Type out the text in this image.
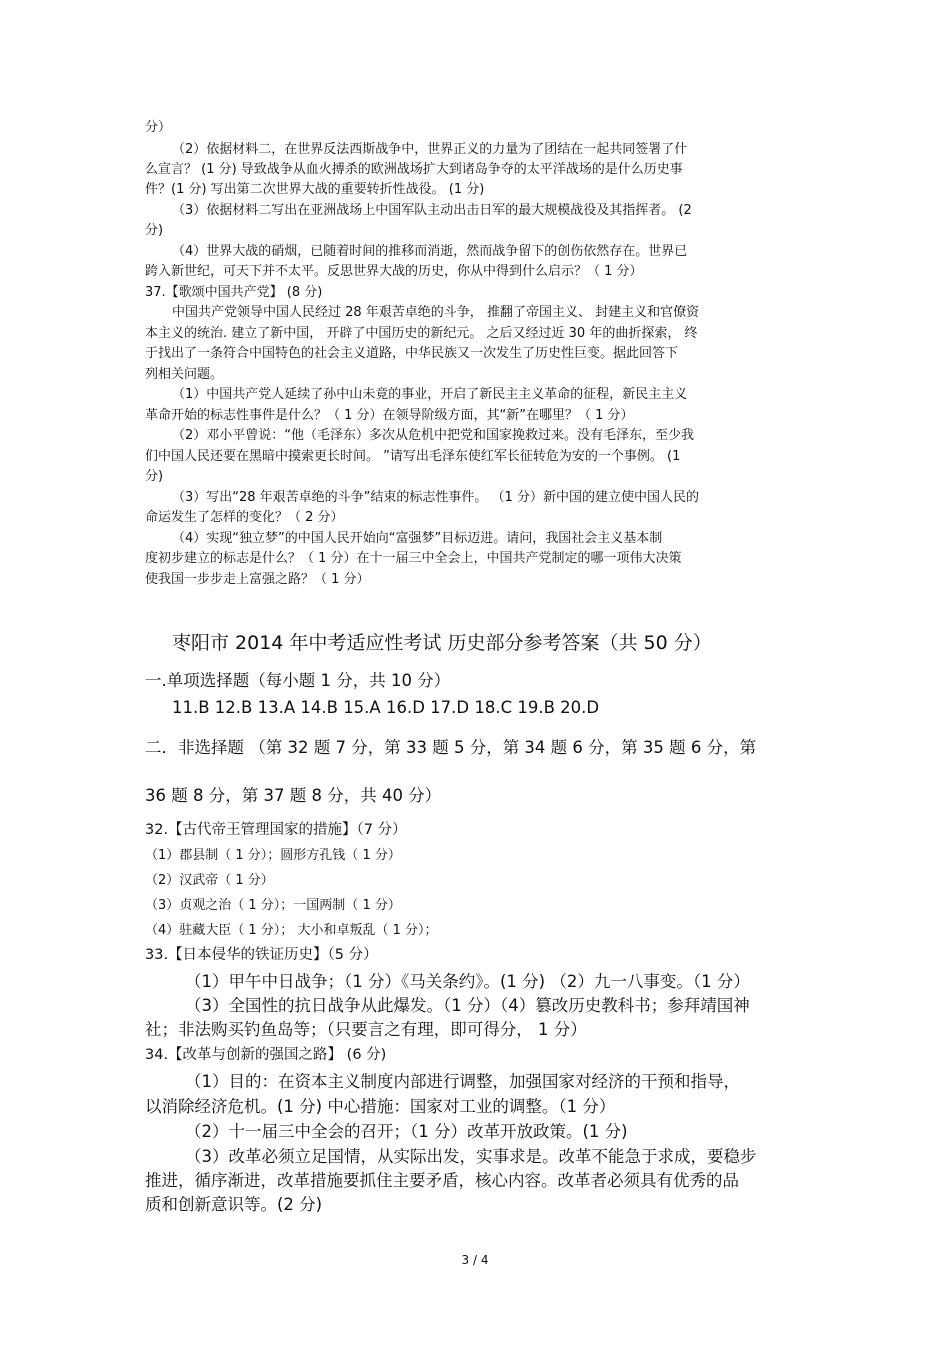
分）

（2）依据材料二，在世界反法西斯战争中，世界正义的力量为了团结在一起共同签署了什

么宣言？ (1 分) 导致战争从血火搏杀的欧洲战场扩大到诸岛争夺的太平洋战场的是什么历史事

件？(1 分) 写出第二次世界大战的重要转折性战役。 (1 分)

（3）依据材料二写出在亚洲战场上中国军队主动出击日军的最大规模战役及其指挥者。 (2

分)

（4）世界大战的硝烟，已随着时间的推移而消逝，然而战争留下的创伤依然存在。世界已

跨入新世纪，可天下并不太平。反思世界大战的历史，你从中得到什么启示？（ 1 分）

37.【歌颂中国共产党】 (8 分)

中国共产党领导中国人民经过 28 年艰苦卓绝的斗争， 推翻了帝国主义、 封建主义和官僚资

本主义的统治. 建立了新中国， 开辟了中国历史的新纪元。 之后又经过近 30 年的曲折探索， 终

于找出了一条符合中国特色的社会主义道路，中华民族又一次发生了历史性巨变。据此回答下

列相关问题。

（1）中国共产党人延续了孙中山未竟的事业，开启了新民主主义革命的征程，新民主主义

革命开始的标志性事件是什么？（ 1 分）在领导阶级方面，其“新”在哪里？（ 1 分）

（2）邓小平曾说：“他（毛泽东）多次从危机中把党和国家挽救过来。没有毛泽东，至少我

们中国人民还要在黑暗中摸索更长时间。 ”请写出毛泽东使红军长征转危为安的一个事例。 (1

分)

（3）写出“28 年艰苦卓绝的斗争”结束的标志性事件。 （1 分）新中国的建立使中国人民的

命运发生了怎样的变化？（ 2 分）

（4）实现“独立梦”的中国人民开始向“富强梦”目标迈进。请问，我国社会主义基本制

度初步建立的标志是什么？（ 1 分）在十一届三中全会上，中国共产党制定的哪一项伟大决策

使我国一步步走上富强之路？（ 1 分）

枣阳市 2014 年中考适应性考试 历史部分参考答案（共 50 分）

一.单项选择题（每小题 1 分，共 10 分）

11.B 12.B 13.A 14.B 15.A 16.D 17.D 18.C 19.B 20.D

二．非选择题 （第 32 题 7 分，第 33 题 5 分，第 34 题 6 分，第 35 题 6 分，第

36 题 8 分，第 37 题 8 分，共 40 分）

32.【古代帝王管理国家的措施】（7 分）

（1）郡县制（ 1 分）；圆形方孔钱（ 1 分）

（2）汉武帝（ 1 分）

（3）贞观之治（ 1 分）；一国两制（ 1 分）

（4）驻藏大臣（ 1 分）； 大小和卓叛乱（ 1 分）；

33.【日本侵华的铁证历史】（5 分）

（1）甲午中日战争；（1 分）《马关条约》。(1 分) （2）九一八事变。（1 分）

（3）全国性的抗日战争从此爆发。（1 分）（4）篡改历史教科书；参拜靖国神

社；非法购买钓鱼岛等；（只要言之有理，即可得分， 1 分）

34.【改革与创新的强国之路】 (6 分)

（1）目的：在资本主义制度内部进行调整，加强国家对经济的干预和指导，

以消除经济危机。(1 分) 中心措施：国家对工业的调整。（1 分）

（2）十一届三中全会的召开；（1 分）改革开放政策。(1 分)

（3）改革必须立足国情，从实际出发，实事求是。改革不能急于求成，要稳步

推进，循序渐进，改革措施要抓住主要矛盾，核心内容。改革者必须具有优秀的品

质和创新意识等。(2 分)

3 / 4
